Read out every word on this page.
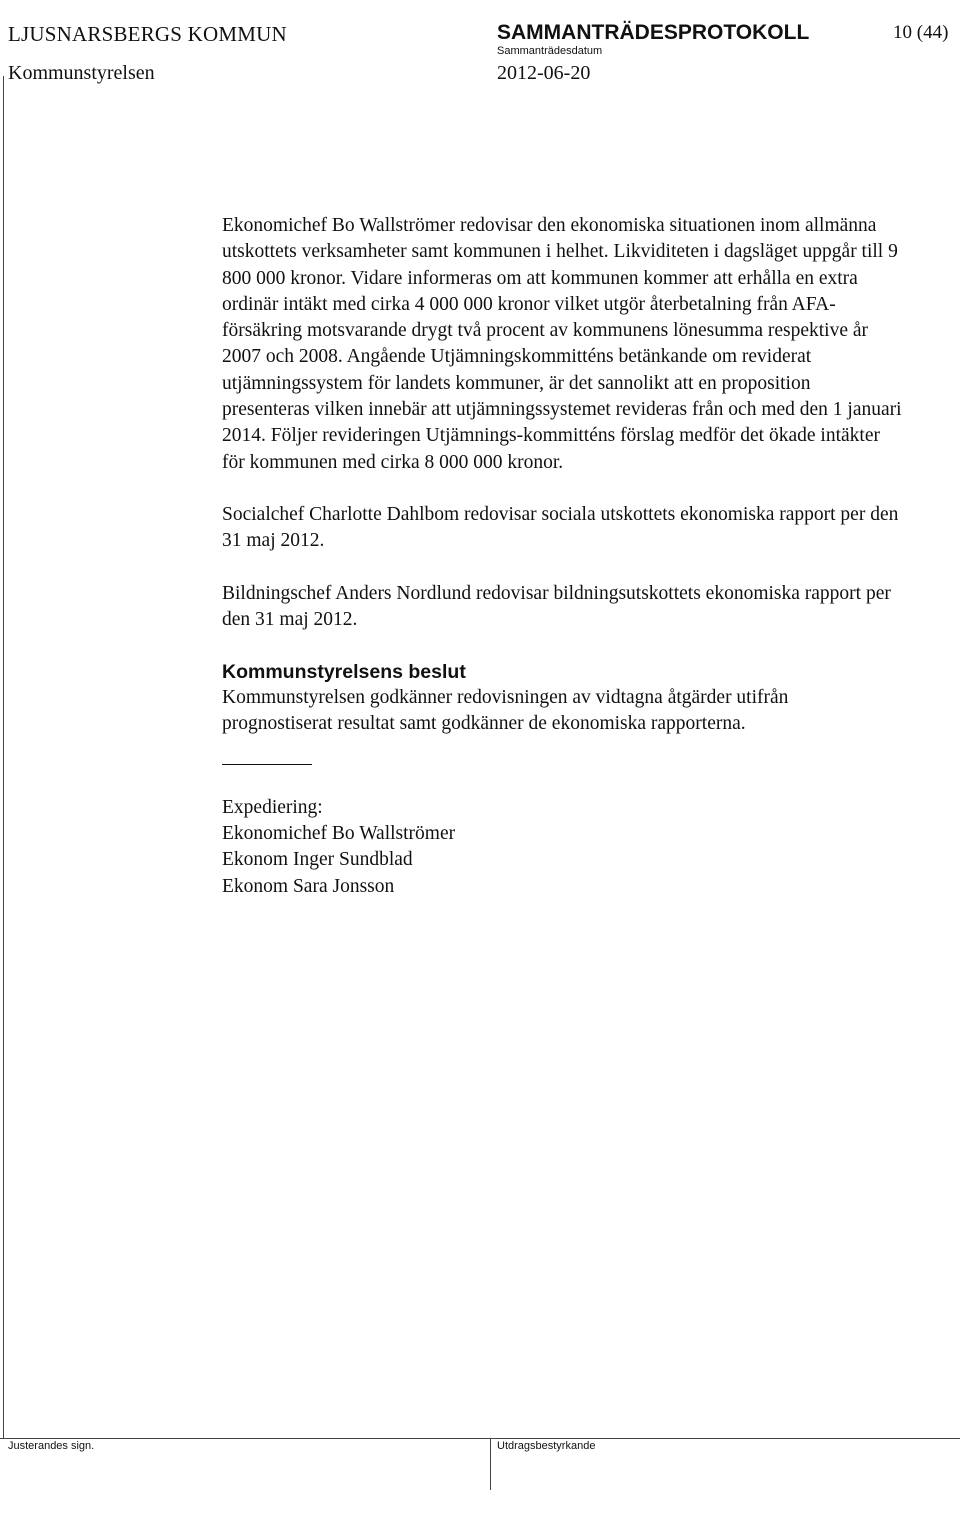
LJUSNARSBERGS KOMMUN	SAMMANTRÄDESPROTOKOLL	10 (44)
Sammanträdesdatum
Kommunstyrelsen	2012-06-20

Ekonomichef Bo Wallströmer redovisar den ekonomiska situationen inom allmänna utskottets verksamheter samt kommunen i helhet. Likviditeten i dagsläget uppgår till 9 800 000 kronor. Vidare informeras om att kommunen kommer att erhålla en extra ordinär intäkt med cirka 4 000 000 kronor vilket utgör återbetalning från AFA-försäkring motsvarande drygt två procent av kommunens lönesumma respektive år 2007 och 2008. Angående Utjämningskommitténs betänkande om reviderat utjämningssystem för landets kommuner, är det sannolikt att en proposition presenteras vilken innebär att utjämningssystemet revideras från och med den 1 januari 2014. Följer revideringen Utjämnings-kommitténs förslag medför det ökade intäkter för kommunen med cirka 8 000 000 kronor.

Socialchef Charlotte Dahlbom redovisar sociala utskottets ekonomiska rapport per den 31 maj 2012.

Bildningschef Anders Nordlund redovisar bildningsutskottets ekonomiska rapport per den 31 maj 2012.

Kommunstyrelsens beslut

Kommunstyrelsen godkänner redovisningen av vidtagna åtgärder utifrån prognostiserat resultat samt godkänner de ekonomiska rapporterna.

Expediering:
Ekonomichef Bo Wallströmer
Ekonom Inger Sundblad
Ekonom Sara Jonsson
Justerandes sign.	Utdragsbestyrkande
